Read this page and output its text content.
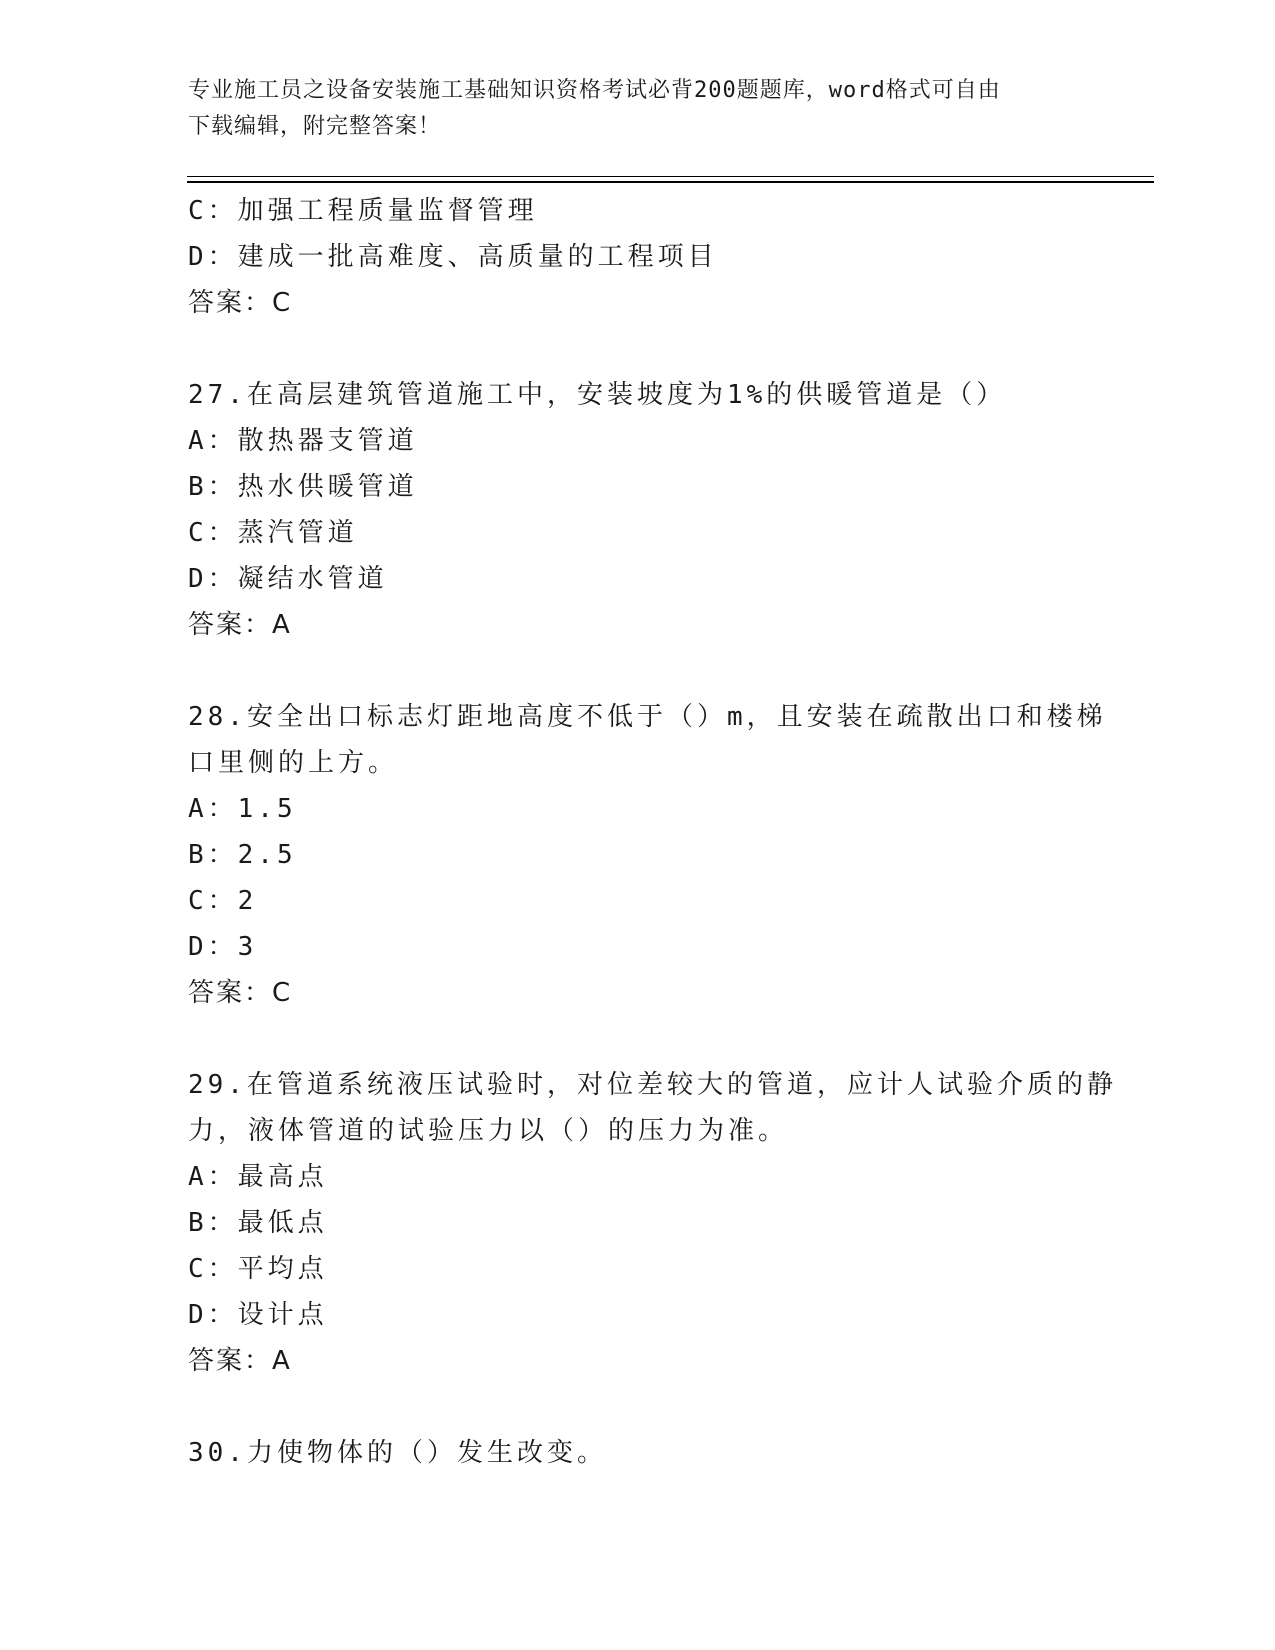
专业施工员之设备安装施工基础知识资格考试必背200题题库，word格式可自由
下载编辑，附完整答案！

C：加强工程质量监督管理

D：建成一批高难度、高质量的工程项目

答案：C

27.在高层建筑管道施工中，安装坡度为1%的供暖管道是（）

A：散热器支管道

B：热水供暖管道

C：蒸汽管道

D：凝结水管道

答案：A

28.安全出口标志灯距地高度不低于（）m，且安装在疏散出口和楼梯

口里侧的上方。

A：1.5

B：2.5

C：2

D：3

答案：C

29.在管道系统液压试验时，对位差较大的管道，应计人试验介质的静

力，液体管道的试验压力以（）的压力为准。

A：最高点

B：最低点

C：平均点

D：设计点

答案：A

30.力使物体的（）发生改变。
